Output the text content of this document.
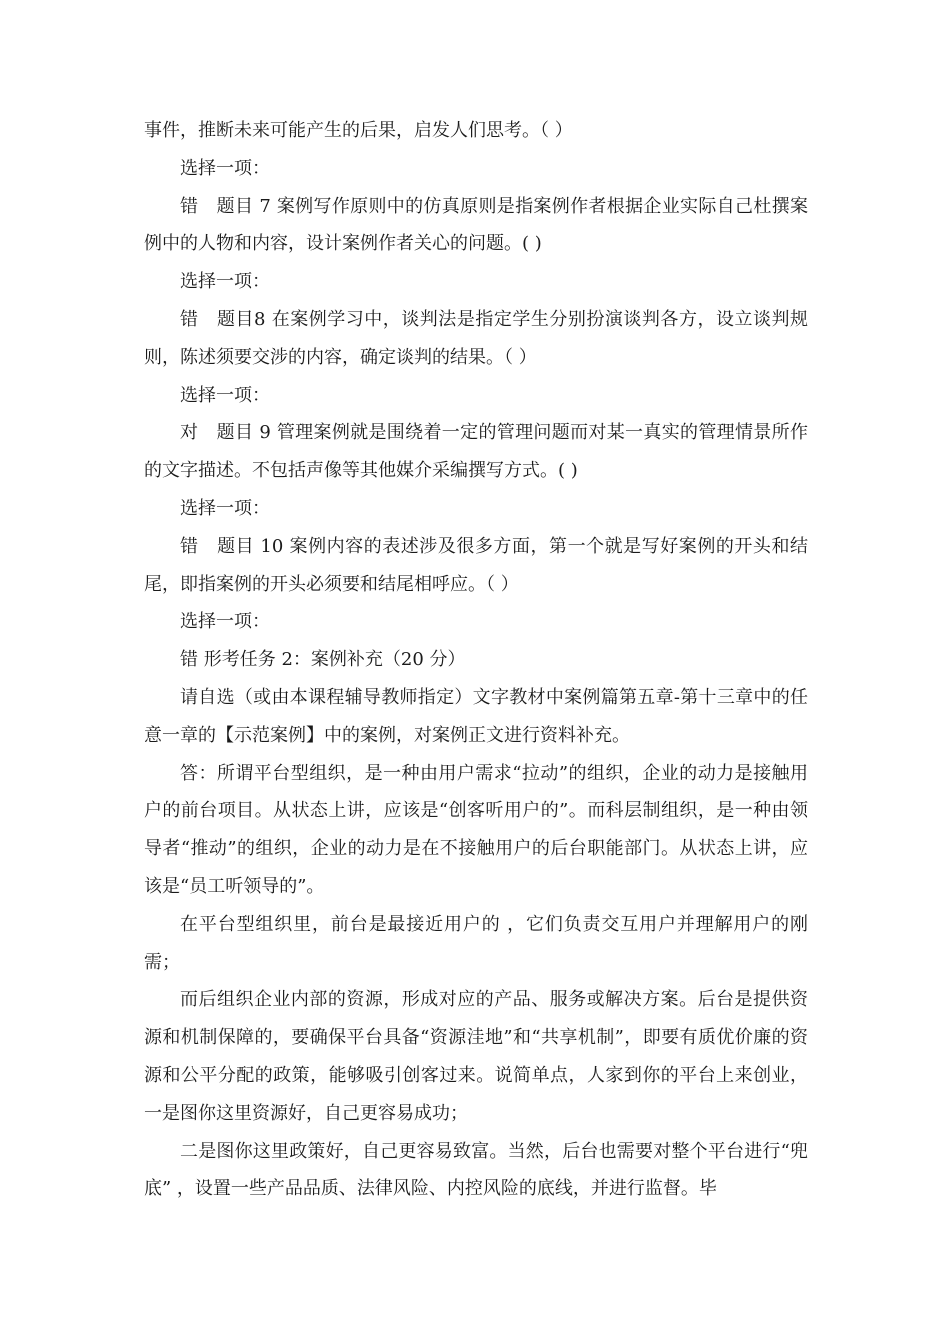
事件，推断未来可能产生的后果，启发人们思考。（ ）

选择一项：

错　题目 7 案例写作原则中的仿真原则是指案例作者根据企业实际自己杜撰案例中的人物和内容，设计案例作者关心的问题。( )

选择一项：

错　题目8 在案例学习中，谈判法是指定学生分别扮演谈判各方，设立谈判规则，陈述须要交涉的内容，确定谈判的结果。（ ）

选择一项：

对　题目 9 管理案例就是围绕着一定的管理问题而对某一真实的管理情景所作的文字描述。不包括声像等其他媒介采编撰写方式。( )

选择一项：

错　题目 10 案例内容的表述涉及很多方面，第一个就是写好案例的开头和结尾，即指案例的开头必须要和结尾相呼应。（ ）

选择一项：

错 形考任务 2：案例补充（20 分）

请自选（或由本课程辅导教师指定）文字教材中案例篇第五章-第十三章中的任意一章的【示范案例】中的案例，对案例正文进行资料补充。

答：所谓平台型组织，是一种由用户需求“拉动”的组织，企业的动力是接触用户的前台项目。从状态上讲，应该是“创客听用户的”。而科层制组织，是一种由领导者“推动”的组织，企业的动力是在不接触用户的后台职能部门。从状态上讲，应该是“员工听领导的”。

在平台型组织里，前台是最接近用户的 ，它们负责交互用户并理解用户的刚需；

而后组织企业内部的资源，形成对应的产品、服务或解决方案。后台是提供资源和机制保障的，要确保平台具备“资源洼地”和“共享机制”，即要有质优价廉的资源和公平分配的政策，能够吸引创客过来。说简单点，人家到你的平台上来创业，一是图你这里资源好，自己更容易成功；

二是图你这里政策好，自己更容易致富。当然，后台也需要对整个平台进行“兜底” ，设置一些产品品质、法律风险、内控风险的底线，并进行监督。毕
